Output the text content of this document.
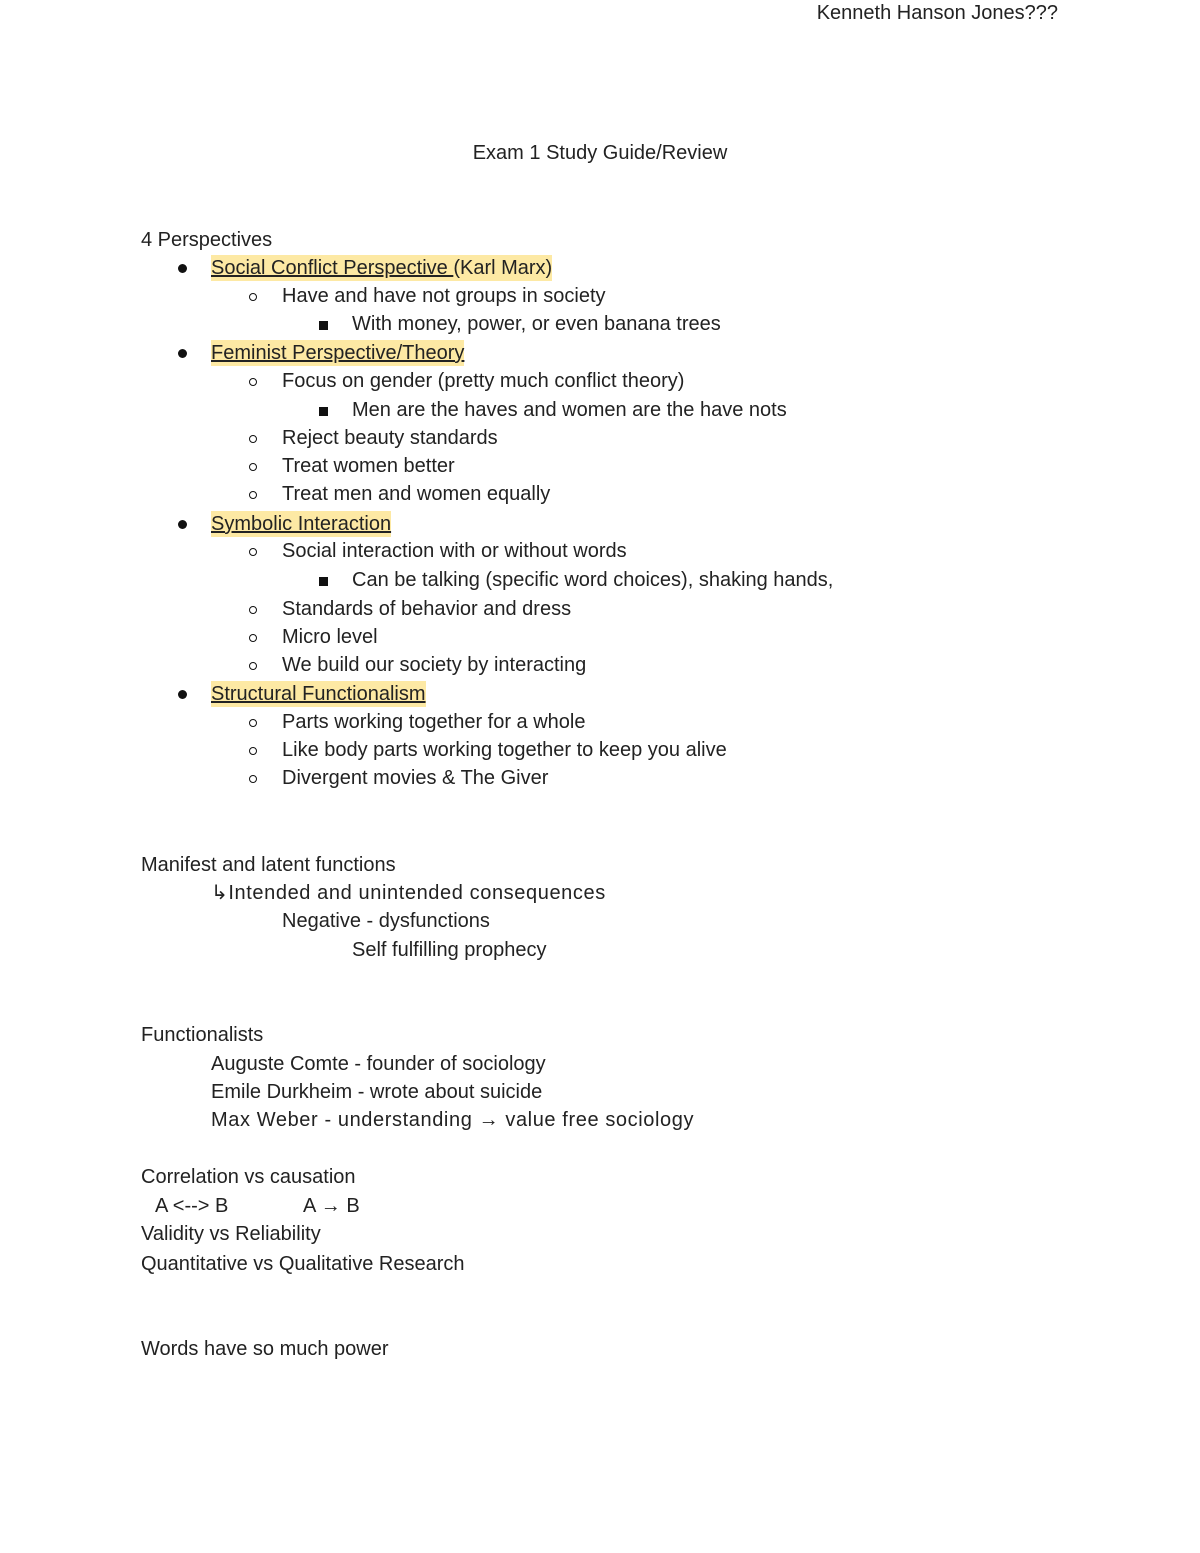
Kenneth Hanson Jones???
Exam 1 Study Guide/Review
4 Perspectives
Social Conflict Perspective (Karl Marx)
Have and have not groups in society
With money, power, or even banana trees
Feminist Perspective/Theory
Focus on gender (pretty much conflict theory)
Men are the haves and women are the have nots
Reject beauty standards
Treat women better
Treat men and women equally
Symbolic Interaction
Social interaction with or without words
Can be talking (specific word choices), shaking hands,
Standards of behavior and dress
Micro level
We build our society by interacting
Structural Functionalism
Parts working together for a whole
Like body parts working together to keep you alive
Divergent movies & The Giver
Manifest and latent functions
↳Intended and unintended consequences
Negative - dysfunctions
Self fulfilling prophecy
Functionalists
Auguste Comte - founder of sociology
Emile Durkheim - wrote about suicide
Max Weber - understanding → value free sociology
Correlation vs causation
A <--> B	A → B
Validity vs Reliability
Quantitative vs Qualitative Research
Words have so much power
